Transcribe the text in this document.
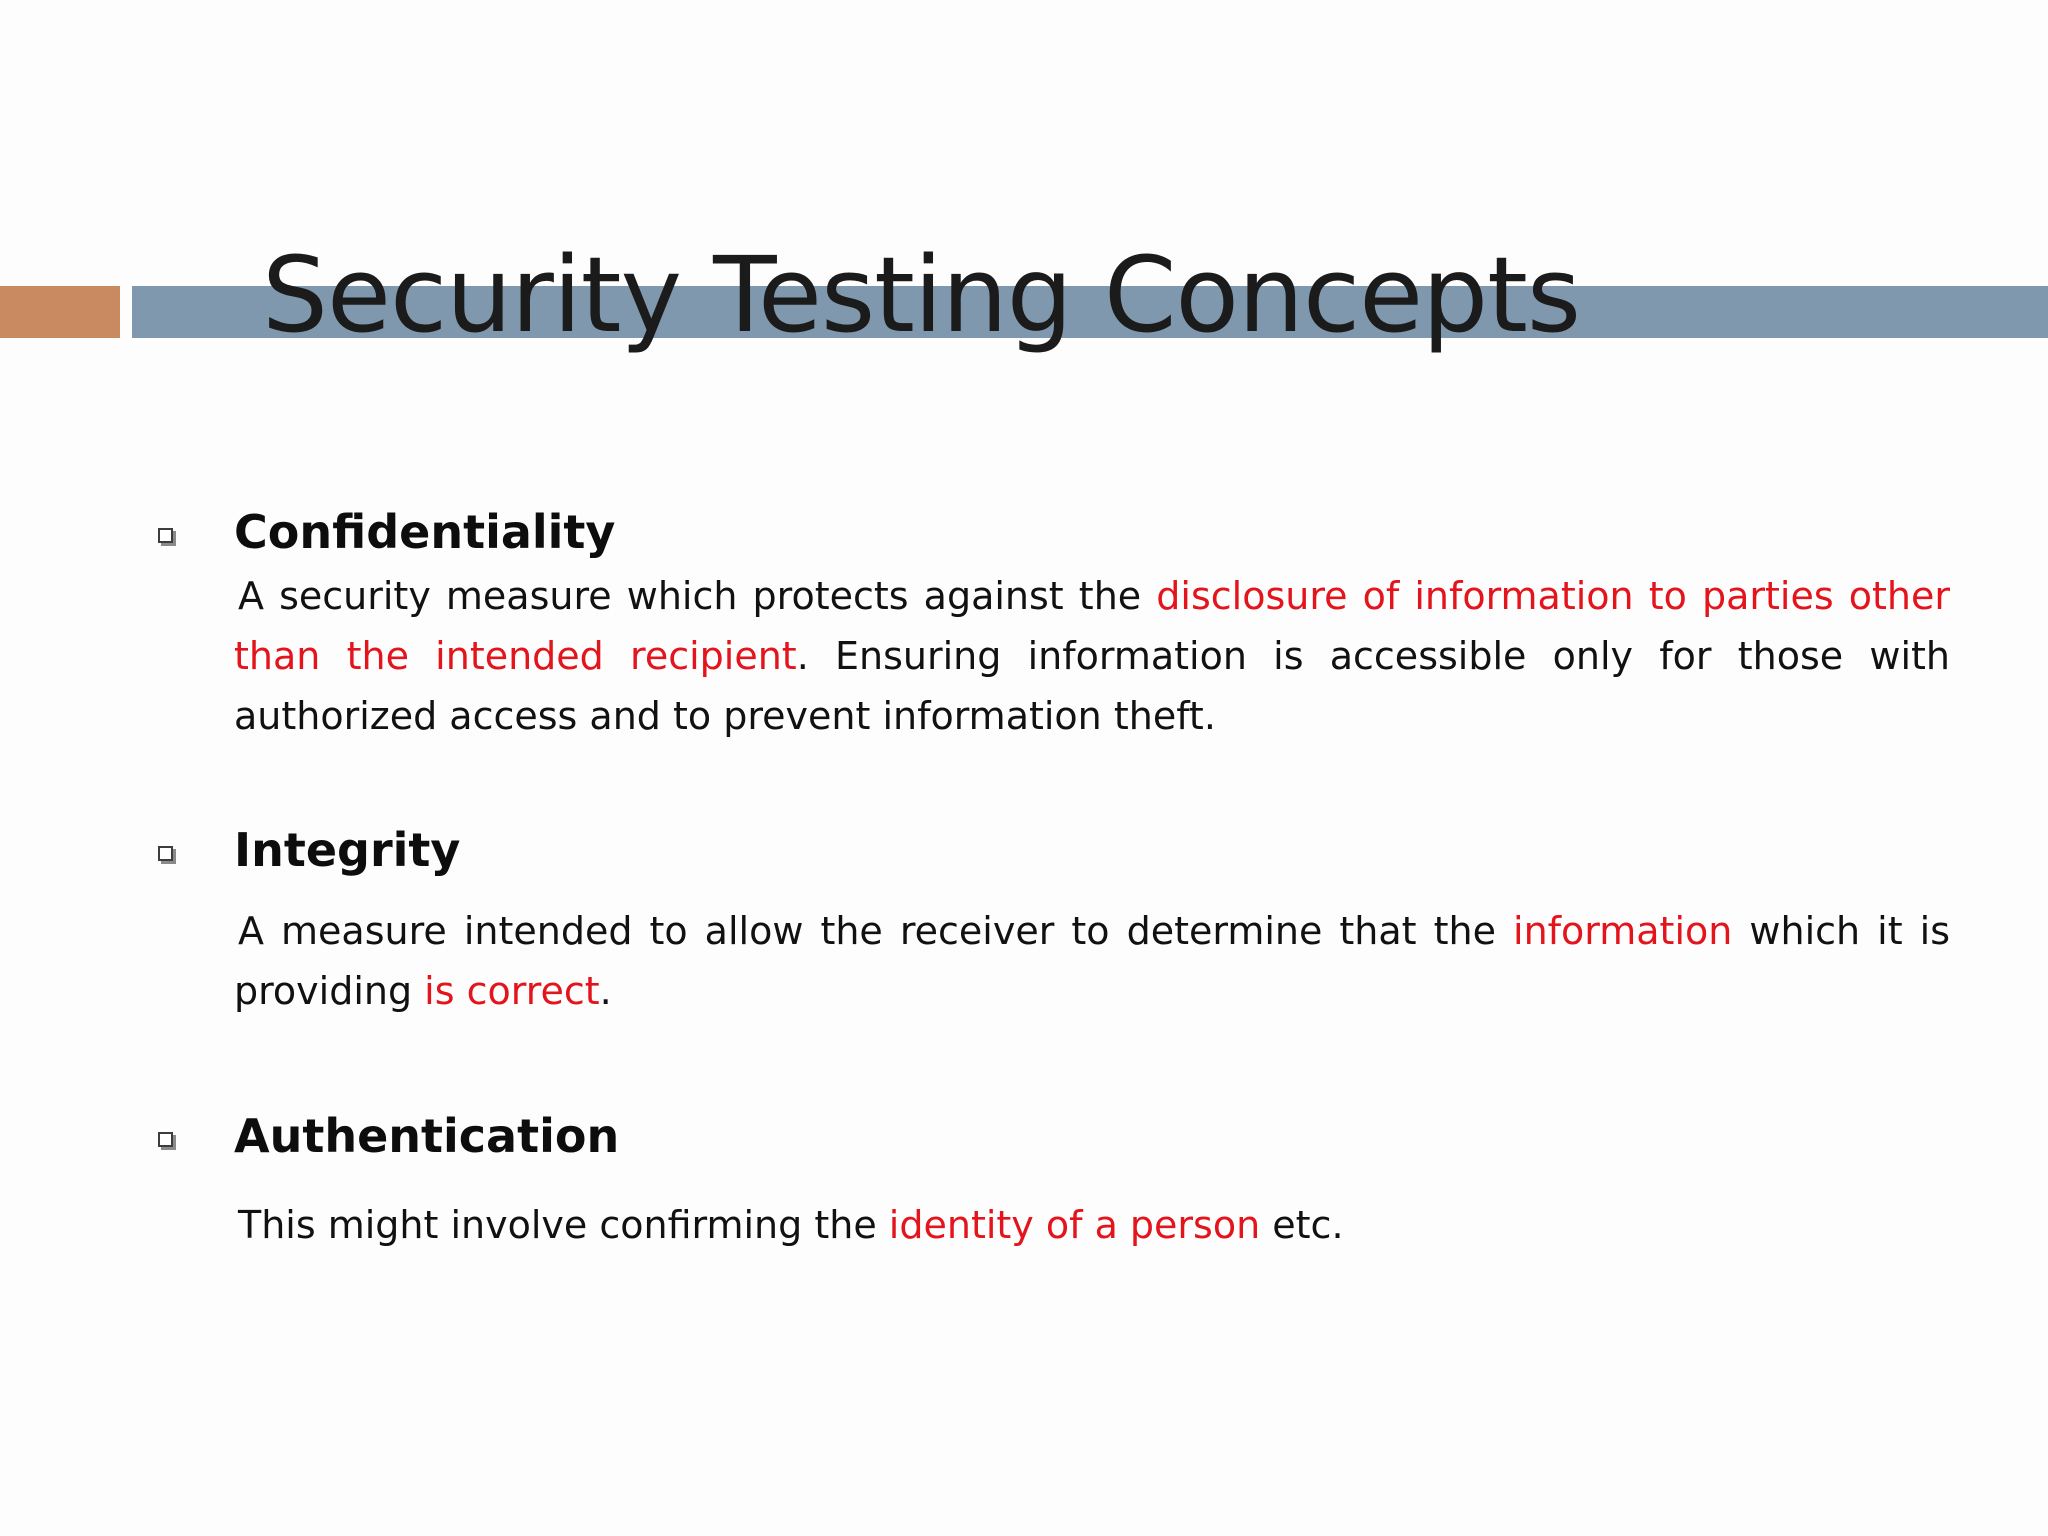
Security Testing Concepts
Confidentiality

A security measure which protects against the disclosure of information to parties other than the intended recipient. Ensuring information is accessible only for those with authorized access and to prevent information theft.

Integrity

A measure intended to allow the receiver to determine that the information which it is providing is correct.

Authentication

This might involve confirming the identity of a person etc.
